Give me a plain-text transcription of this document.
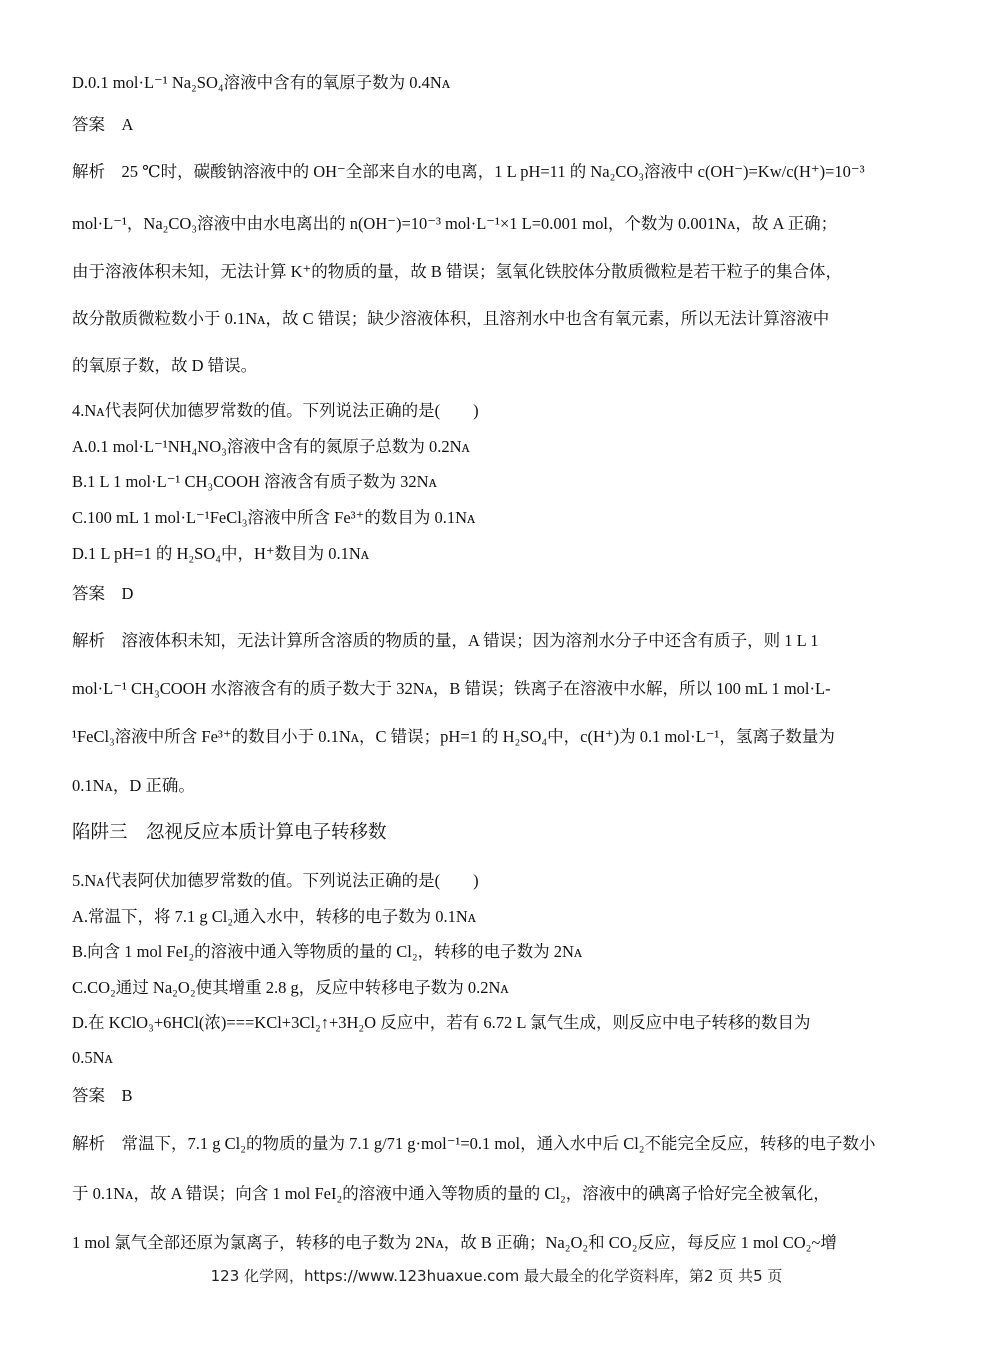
D.0.1 mol·L⁻¹ Na₂SO₄溶液中含有的氧原子数为 0.4Nᴀ
答案　A
解析　25 ℃时，碳酸钠溶液中的 OH⁻全部来自水的电离，1 L pH=11 的 Na₂CO₃溶液中 c(OH⁻)=Kw/c(H⁺)=10⁻³
mol·L⁻¹，Na₂CO₃溶液中由水电离出的 n(OH⁻)=10⁻³ mol·L⁻¹×1 L=0.001 mol，个数为 0.001Nᴀ，故 A 正确；
由于溶液体积未知，无法计算 K⁺的物质的量，故 B 错误；氢氧化铁胶体分散质微粒是若干粒子的集合体，
故分散质微粒数小于 0.1Nᴀ，故 C 错误；缺少溶液体积，且溶剂水中也含有氧元素，所以无法计算溶液中
的氧原子数，故 D 错误。
4.Nᴀ代表阿伏加德罗常数的值。下列说法正确的是(　　)
A.0.1 mol·L⁻¹NH₄NO₃溶液中含有的氮原子总数为 0.2Nᴀ
B.1 L 1 mol·L⁻¹ CH₃COOH 溶液含有质子数为 32Nᴀ
C.100 mL 1 mol·L⁻¹FeCl₃溶液中所含 Fe³⁺的数目为 0.1Nᴀ
D.1 L pH=1 的 H₂SO₄中，H⁺数目为 0.1Nᴀ
答案　D
解析　溶液体积未知，无法计算所含溶质的物质的量，A 错误；因为溶剂水分子中还含有质子，则 1 L 1
mol·L⁻¹ CH₃COOH 水溶液含有的质子数大于 32Nᴀ，B 错误；铁离子在溶液中水解，所以 100 mL 1 mol·L-
¹FeCl₃溶液中所含 Fe³⁺的数目小于 0.1Nᴀ，C 错误；pH=1 的 H₂SO₄中，c(H⁺)为 0.1 mol·L⁻¹，氢离子数量为
0.1Nᴀ，D 正确。
陷阱三　忽视反应本质计算电子转移数
5.Nᴀ代表阿伏加德罗常数的值。下列说法正确的是(　　)
A.常温下，将 7.1 g Cl₂通入水中，转移的电子数为 0.1Nᴀ
B.向含 1 mol FeI₂的溶液中通入等物质的量的 Cl₂，转移的电子数为 2Nᴀ
C.CO₂通过 Na₂O₂使其增重 2.8 g，反应中转移电子数为 0.2Nᴀ
D.在 KClO₃+6HCl(浓)===KCl+3Cl₂↑+3H₂O 反应中，若有 6.72 L 氯气生成，则反应中电子转移的数目为
0.5Nᴀ
答案　B
解析　常温下，7.1 g Cl₂的物质的量为 7.1 g/71 g·mol⁻¹=0.1 mol，通入水中后 Cl₂不能完全反应，转移的电子数小
于 0.1Nᴀ，故 A 错误；向含 1 mol FeI₂的溶液中通入等物质的量的 Cl₂，溶液中的碘离子恰好完全被氧化，
1 mol 氯气全部还原为氯离子，转移的电子数为 2Nᴀ，故 B 正确；Na₂O₂和 CO₂反应，每反应 1 mol CO₂~增
123 化学网，https://www.123huaxue.com 最大最全的化学资料库，第2 页 共5 页
